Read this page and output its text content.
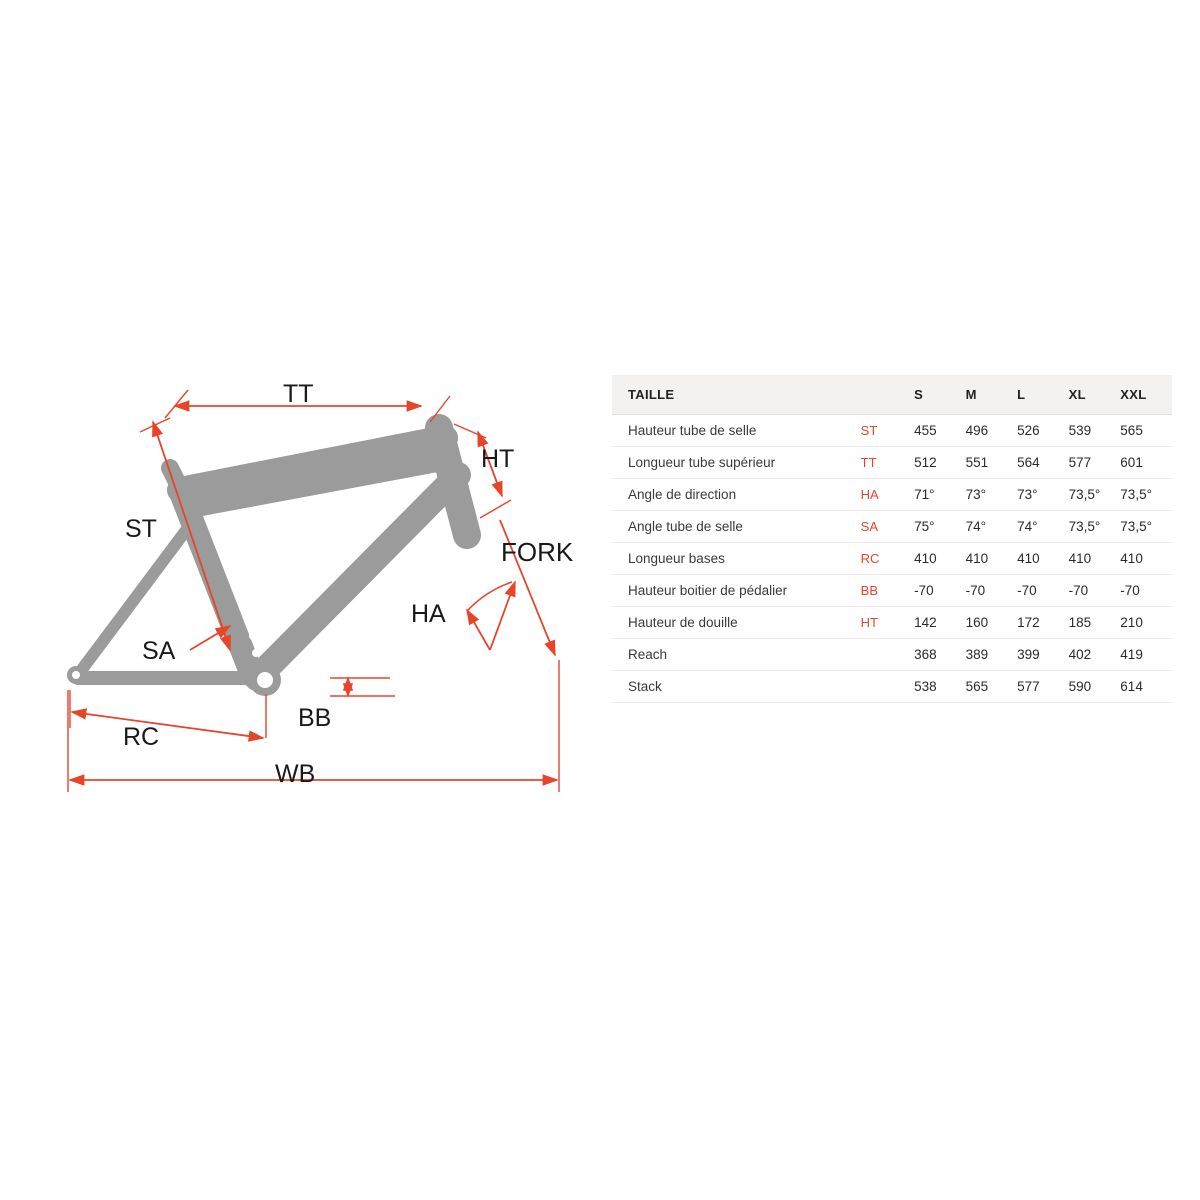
TT
HT
ST
FORK
HA
SA
BB
RC
WB
TAILLE		S	M	L	XL	XXL
Hauteur tube de selle	ST	455	496	526	539	565
Longueur tube supérieur	TT	512	551	564	577	601
Angle de direction	HA	71°	73°	73°	73,5°	73,5°
Angle tube de selle	SA	75°	74°	74°	73,5°	73,5°
Longueur bases	RC	410	410	410	410	410
Hauteur boitier de pédalier	BB	-70	-70	-70	-70	-70
Hauteur de douille	HT	142	160	172	185	210
Reach		368	389	399	402	419
Stack		538	565	577	590	614
